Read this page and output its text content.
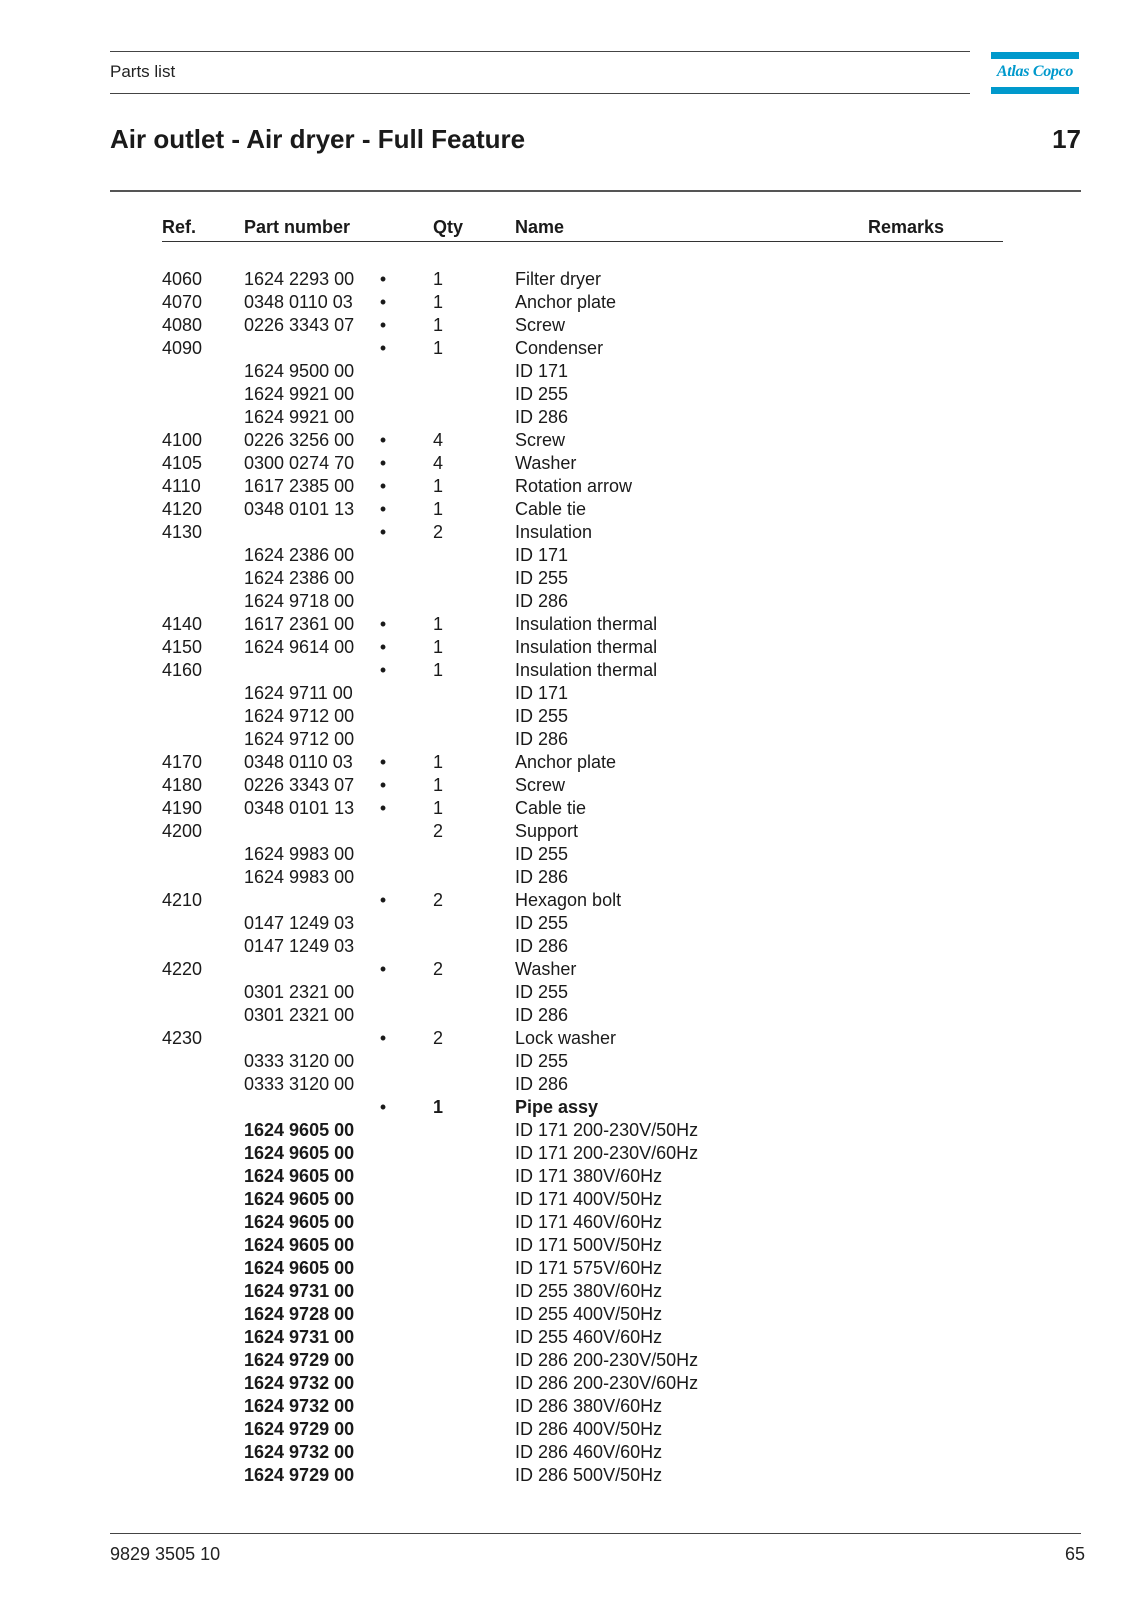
Parts list	Atlas Copco
Air outlet - Air dryer - Full Feature	17
Ref.	Part number	Qty	Name	Remarks
4060 1624 2293 00 •	1	Filter dryer
4070 0348 0110 03 •	1	Anchor plate
4080 0226 3343 07 •	1	Screw
4090	•	1	Condenser
1624 9500 00	ID 171
1624 9921 00	ID 255
1624 9921 00	ID 286
4100 0226 3256 00 •	4	Screw
4105 0300 0274 70 •	4	Washer
4110 1617 2385 00 •	1	Rotation arrow
4120 0348 0101 13 •	1	Cable tie
4130	•	2	Insulation
1624 2386 00	ID 171
1624 2386 00	ID 255
1624 9718 00	ID 286
4140 1617 2361 00 •	1	Insulation thermal
4150 1624 9614 00 •	1	Insulation thermal
4160	•	1	Insulation thermal
1624 9711 00	ID 171
1624 9712 00	ID 255
1624 9712 00	ID 286
4170 0348 0110 03 •	1	Anchor plate
4180 0226 3343 07 •	1	Screw
4190 0348 0101 13 •	1	Cable tie
4200	2	Support
1624 9983 00	ID 255
1624 9983 00	ID 286
4210	•	2	Hexagon bolt
0147 1249 03	ID 255
0147 1249 03	ID 286
4220	•	2	Washer
0301 2321 00	ID 255
0301 2321 00	ID 286
4230	•	2	Lock washer
0333 3120 00	ID 255
0333 3120 00	ID 286
•	1	Pipe assy
1624 9605 00	ID 171 200-230V/50Hz
1624 9605 00	ID 171 200-230V/60Hz
1624 9605 00	ID 171 380V/60Hz
1624 9605 00	ID 171 400V/50Hz
1624 9605 00	ID 171 460V/60Hz
1624 9605 00	ID 171 500V/50Hz
1624 9605 00	ID 171 575V/60Hz
1624 9731 00	ID 255 380V/60Hz
1624 9728 00	ID 255 400V/50Hz
1624 9731 00	ID 255 460V/60Hz
1624 9729 00	ID 286 200-230V/50Hz
1624 9732 00	ID 286 200-230V/60Hz
1624 9732 00	ID 286 380V/60Hz
1624 9729 00	ID 286 400V/50Hz
1624 9732 00	ID 286 460V/60Hz
1624 9729 00	ID 286 500V/50Hz
9829 3505 10	65
